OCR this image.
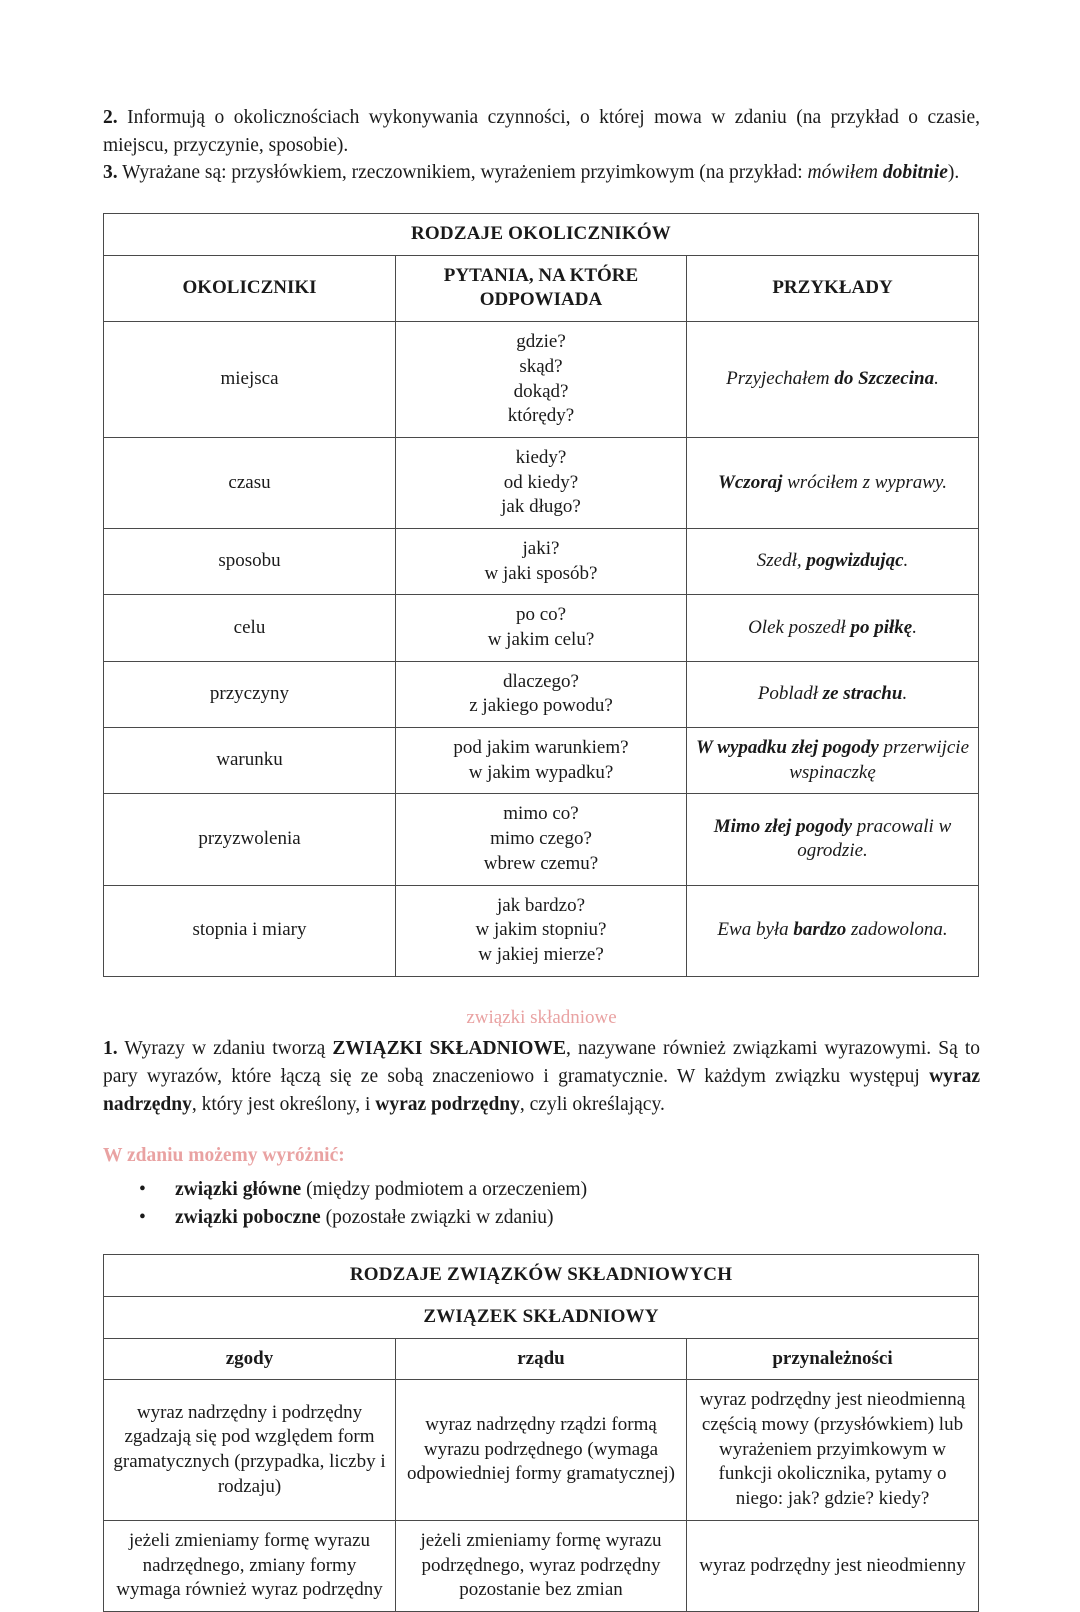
2. Informują o okolicznościach wykonywania czynności, o której mowa w zdaniu (na przykład o czasie, miejscu, przyczynie, sposobie).

3. Wyrażane są: przysłówkiem, rzeczownikiem, wyrażeniem przyimkowym (na przykład: mówiłem dobitnie).

RODZAJE OKOLICZNIKÓW		
OKOLICZNIKI	PYTANIA, NA KTÓRE ODPOWIADA	PRZYKŁADY
miejsca	gdzie?
skąd?
dokąd?
którędy?	Przyjechałem do Szczecina.
czasu	kiedy?
od kiedy?
jak długo?	Wczoraj wróciłem z wyprawy.
sposobu	jaki?
w jaki sposób?	Szedł, pogwizdując.
celu	po co?
w jakim celu?	Olek poszedł po piłkę.
przyczyny	dlaczego?
z jakiego powodu?	Pobladł ze strachu.
warunku	pod jakim warunkiem?
w jakim wypadku?	W wypadku złej pogody przerwijcie wspinaczkę
przyzwolenia	mimo co?
mimo czego?
wbrew czemu?	Mimo złej pogody pracowali w ogrodzie.
stopnia i miary	jak bardzo?
w jakim stopniu?
w jakiej mierze?	Ewa była bardzo zadowolona.

związki składniowe

1. Wyrazy w zdaniu tworzą ZWIĄZKI SKŁADNIOWE, nazywane również związkami wyrazowymi. Są to pary wyrazów, które łączą się ze sobą znaczeniowo i gramatycznie. W każdym związku występuj wyraz nadrzędny, który jest określony, i wyraz podrzędny, czyli określający.

W zdaniu możemy wyróżnić:

• związki główne (między podmiotem a orzeczeniem)
• związki poboczne (pozostałe związki w zdaniu)
RODZAJE ZWIĄZKÓW SKŁADNIOWYCH		
ZWIĄZEK SKŁADNIOWY		
zgody	rządu	przynależności
wyraz nadrzędny i podrzędny zgadzają się pod względem form gramatycznych (przypadka, liczby i rodzaju)	wyraz nadrzędny rządzi formą wyrazu podrzędnego (wymaga odpowiedniej formy gramatycznej)	wyraz podrzędny jest nieodmienną częścią mowy (przysłówkiem) lub wyrażeniem przyimkowym w funkcji okolicznika, pytamy o niego: jak? gdzie? kiedy?
jeżeli zmieniamy formę wyrazu nadrzędnego, zmiany formy wymaga również wyraz podrzędny	jeżeli zmieniamy formę wyrazu podrzędnego, wyraz podrzędny pozostanie bez zmian	wyraz podrzędny jest nieodmienny
